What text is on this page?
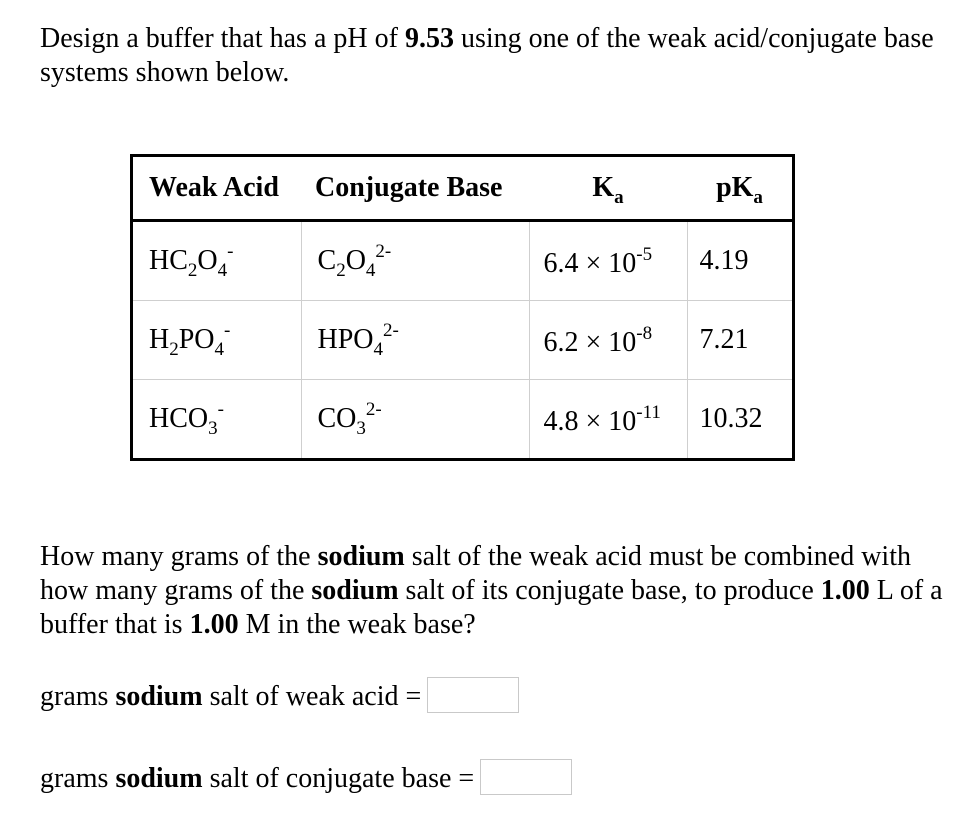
Design a buffer that has a pH of 9.53 using one of the weak acid/conjugate base systems shown below.
Weak Acid	Conjugate Base	$K_a$	$pK_a$
$HC_2O_4^-$	$C_2O_4^{2-}$	$6.4 \times 10^{-5}$	4.19
$H_2PO_4^-$	$HPO_4^{2-}$	$6.2 \times 10^{-8}$	7.21
$HCO_3^-$	$CO_3^{2-}$	$4.8 \times 10^{-11}$	10.32
How many grams of the sodium salt of the weak acid must be combined with how many grams of the sodium salt of its conjugate base, to produce 1.00 L of a buffer that is 1.00 M in the weak base?
grams sodium salt of weak acid =
grams sodium salt of conjugate base =
